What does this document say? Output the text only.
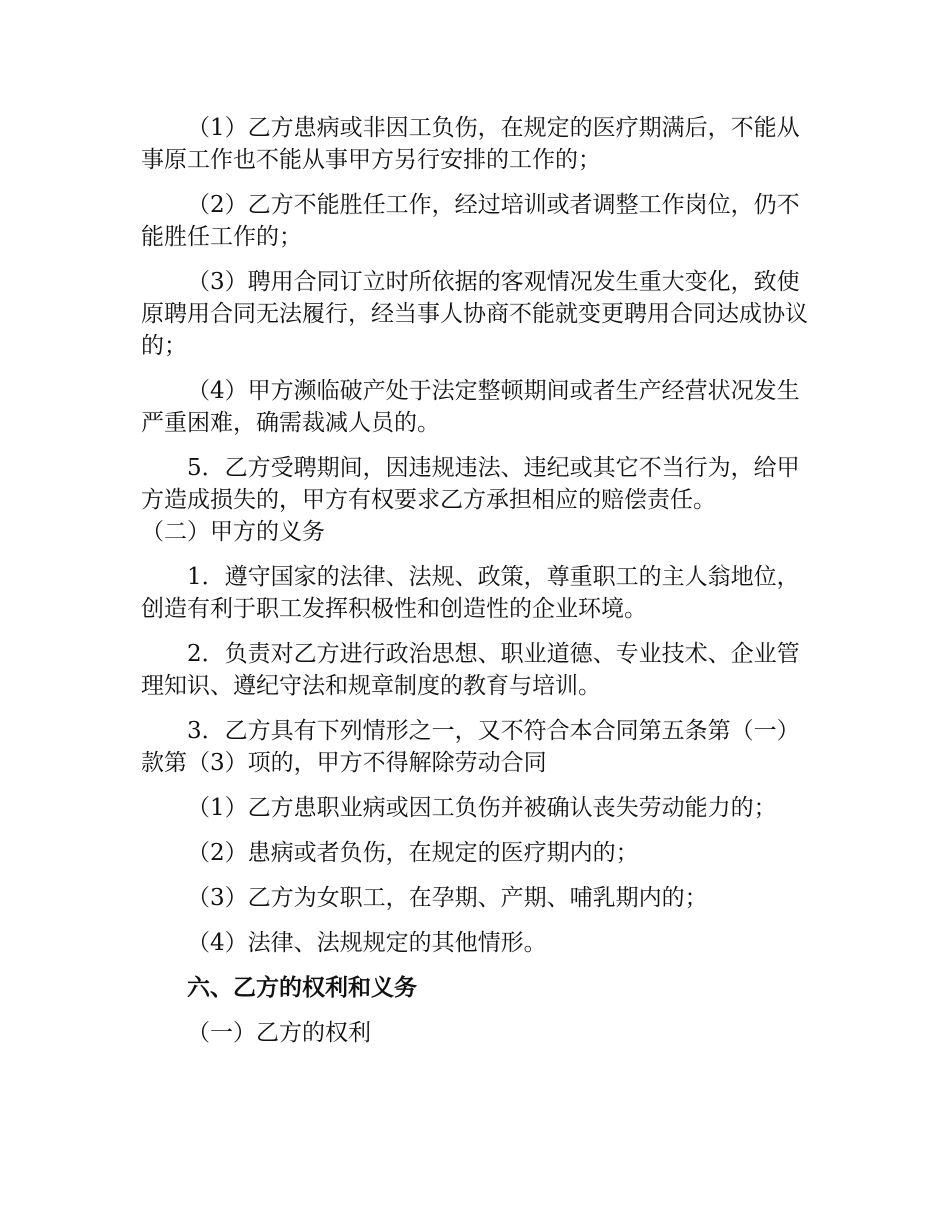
（1）乙方患病或非因工负伤，在规定的医疗期满后，不能从事原工作也不能从事甲方另行安排的工作的；

（2）乙方不能胜任工作，经过培训或者调整工作岗位，仍不能胜任工作的；

（3）聘用合同订立时所依据的客观情况发生重大变化，致使原聘用合同无法履行，经当事人协商不能就变更聘用合同达成协议的；

（4）甲方濒临破产处于法定整顿期间或者生产经营状况发生严重困难，确需裁减人员的。

5．乙方受聘期间，因违规违法、违纪或其它不当行为，给甲方造成损失的，甲方有权要求乙方承担相应的赔偿责任。

（二）甲方的义务

1．遵守国家的法律、法规、政策，尊重职工的主人翁地位，创造有利于职工发挥积极性和创造性的企业环境。

2．负责对乙方进行政治思想、职业道德、专业技术、企业管理知识、遵纪守法和规章制度的教育与培训。

3．乙方具有下列情形之一，又不符合本合同第五条第（一）款第（3）项的，甲方不得解除劳动合同

（1）乙方患职业病或因工负伤并被确认丧失劳动能力的；

（2）患病或者负伤，在规定的医疗期内的；

（3）乙方为女职工，在孕期、产期、哺乳期内的；

（4）法律、法规规定的其他情形。

六、乙方的权利和义务

（一）乙方的权利
